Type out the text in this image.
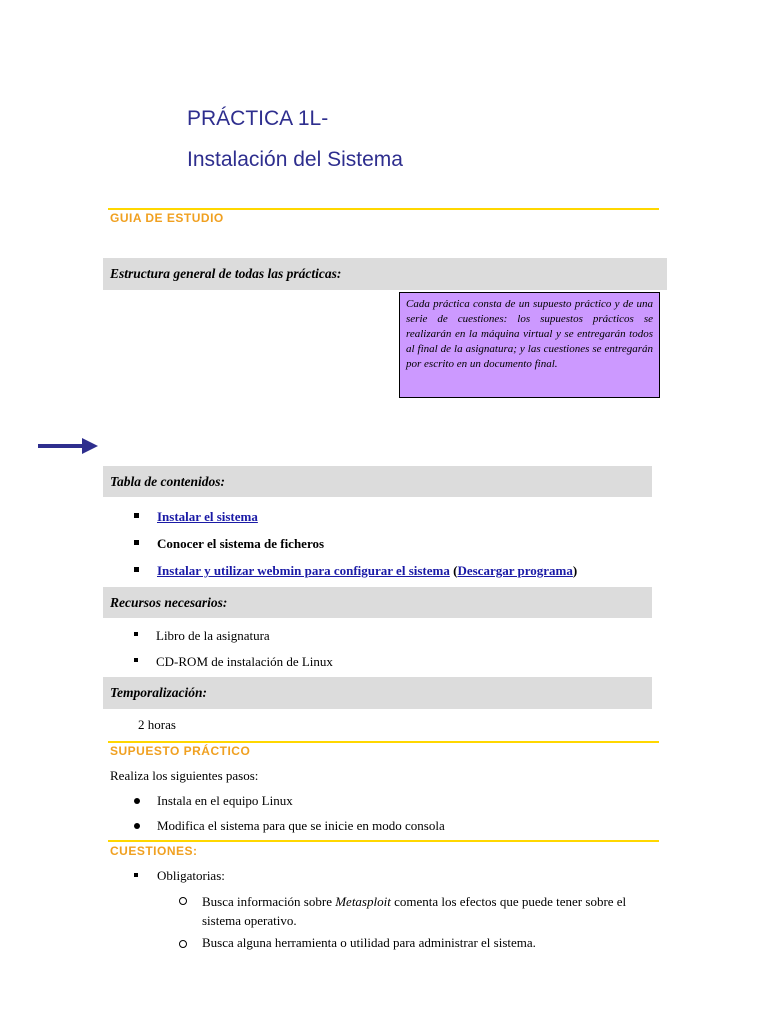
PRÁCTICA 1L-
Instalación del Sistema
GUIA DE ESTUDIO
Estructura general de todas las prácticas:
Cada práctica consta de un supuesto práctico y de una serie de cuestiones: los supuestos prácticos se realizarán en la máquina virtual y se entregarán todos al final de la asignatura; y las cuestiones se entregarán por escrito en un documento final.
Tabla de contenidos:
Instalar el sistema
Conocer el sistema de ficheros
Instalar y utilizar webmin para configurar el sistema (Descargar programa)
Recursos necesarios:
Libro de la asignatura
CD-ROM de instalación de Linux
Temporalización:
2 horas
SUPUESTO PRÁCTICO
Realiza los siguientes pasos:
Instala en el equipo Linux
Modifica el sistema para que se inicie en modo consola
CUESTIONES:
Obligatorias:
Busca información sobre Metasploit comenta los efectos que puede tener sobre el sistema operativo.
Busca alguna herramienta o utilidad para administrar el sistema.
